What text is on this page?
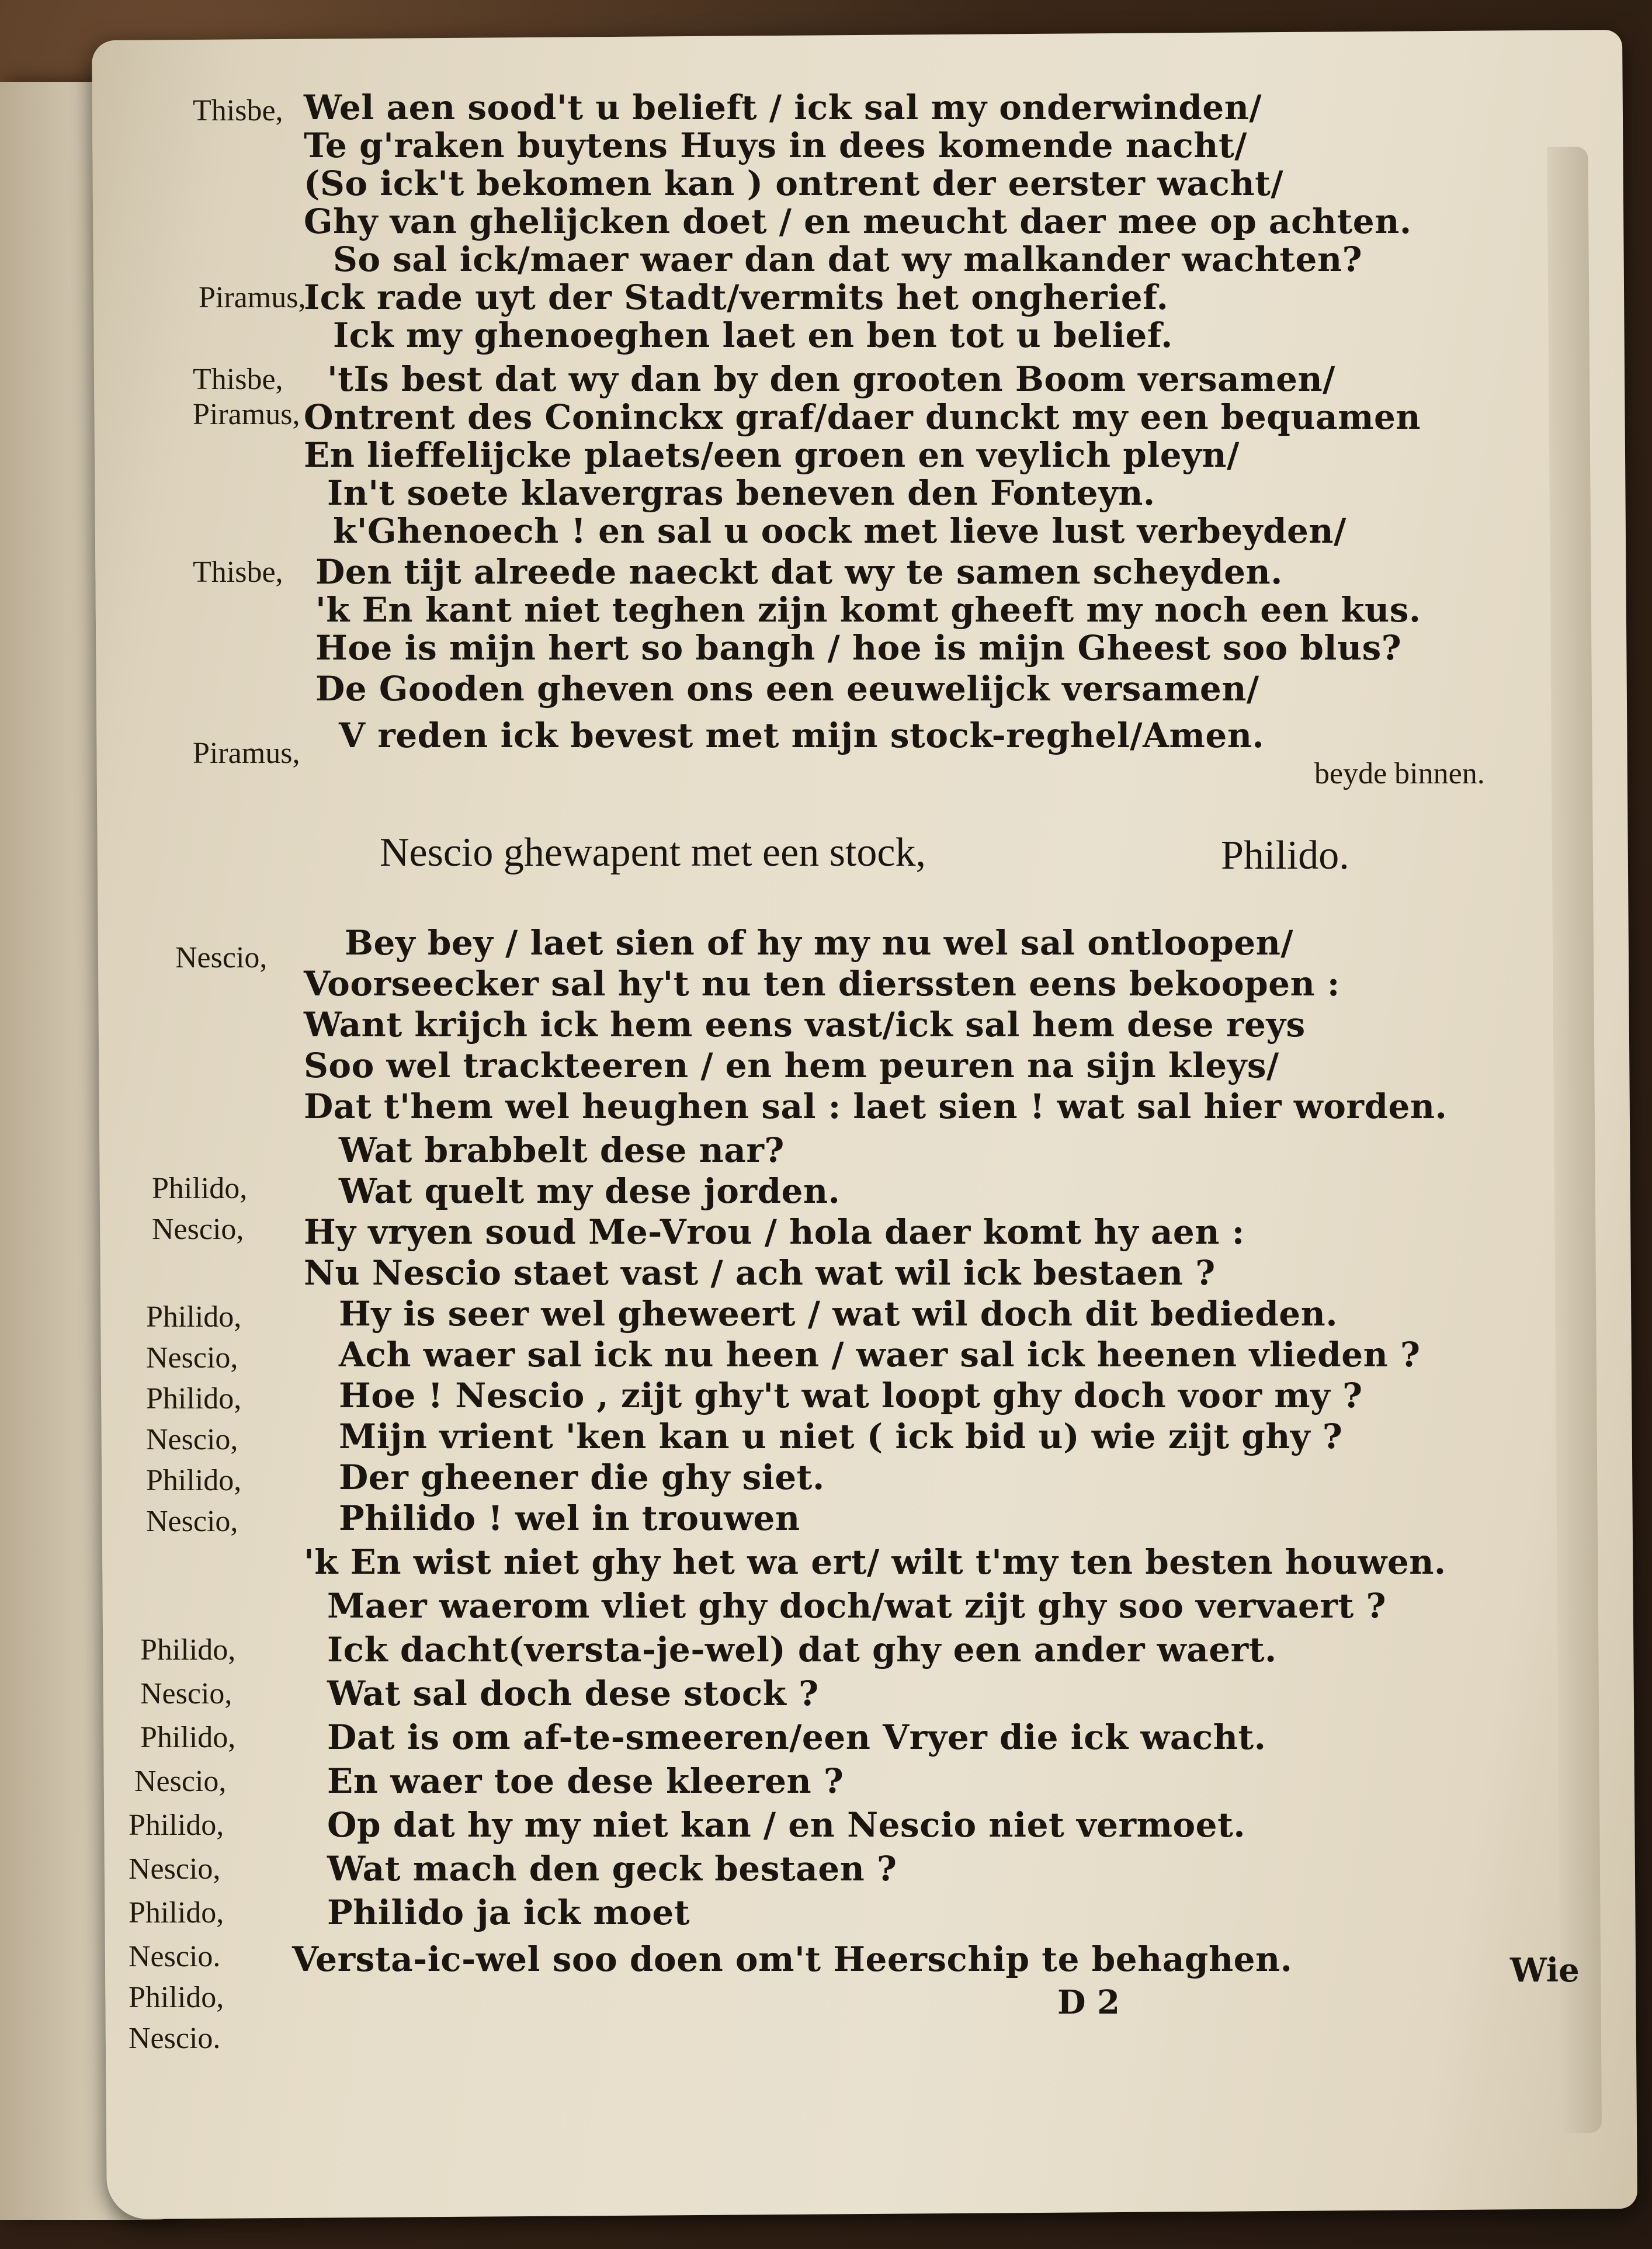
Wel aen sood't u belieft / ick sal my onderwinden/
Te g'raken buytens Huys in dees komende nacht/
(So ick't bekomen kan ) ontrent der eerster wacht/
Ghy van ghelijcken doet / en meucht daer mee op achten.
So sal ick/maer waer dan dat wy malkander wachten?
Ick rade uyt der Stadt/vermits het ongherief.
Ick my ghenoeghen laet en ben tot u belief.
'tIs best dat wy dan by den grooten Boom versamen/
Ontrent des Coninckx graf/daer dunckt my een bequamen
En lieffelijcke plaets/een groen en veylich pleyn/
In't soete klavergras beneven den Fonteyn.
k'Ghenoech ! en sal u oock met lieve lust verbeyden/
Den tijt alreede naeckt dat wy te samen scheyden.
'k En kant niet teghen zijn komt gheeft my noch een kus.
Hoe is mijn hert so bangh / hoe is mijn Gheest soo blus?
De Gooden gheven ons een eeuwelijck versamen/
V reden ick bevest met mijn stock-reghel/Amen.
Bey bey / laet sien of hy my nu wel sal ontloopen/
Voorseecker sal hy't nu ten dierssten eens bekoopen :
Want krijch ick hem eens vast/ick sal hem dese reys
Soo wel trackteeren / en hem peuren na sijn kleys/
Dat t'hem wel heughen sal : laet sien ! wat sal hier worden.
Wat brabbelt dese nar?
Wat quelt my dese jorden.
Hy vryen soud Me-Vrou / hola daer komt hy aen :
Nu Nescio staet vast / ach wat wil ick bestaen ?
Hy is seer wel gheweert / wat wil doch dit bedieden.
Ach waer sal ick nu heen / waer sal ick heenen vlieden ?
Hoe ! Nescio , zijt ghy't wat loopt ghy doch voor my ?
Mijn vrient 'ken kan u niet ( ick bid u) wie zijt ghy ?
Der gheener die ghy siet.
Philido ! wel in trouwen
'k En wist niet ghy het wa ert/ wilt t'my ten besten houwen.
Maer waerom vliet ghy doch/wat zijt ghy soo vervaert ?
Ick dacht(versta-je-wel) dat ghy een ander waert.
Wat sal doch dese stock ?
Dat is om af-te-smeeren/een Vryer die ick wacht.
En waer toe dese kleeren ?
Op dat hy my niet kan / en Nescio niet vermoet.
Wat mach den geck bestaen ?
Philido ja ick moet
Versta-ic-wel soo doen om't Heerschip te behaghen.
Thisbe,
Piramus,
Thisbe,
Piramus,
Thisbe,
Piramus,
Nescio,
Philido,
Nescio,
Philido,
Nescio,
Philido,
Nescio,
Philido,
Nescio,
Philido,
Nescio,
Philido,
Nescio,
Philido,
Nescio,
Philido,
Nescio.
Philido,
Nescio.
beyde binnen.
Nescio ghewapent met een stock,	Philido.
Wie
D 2
